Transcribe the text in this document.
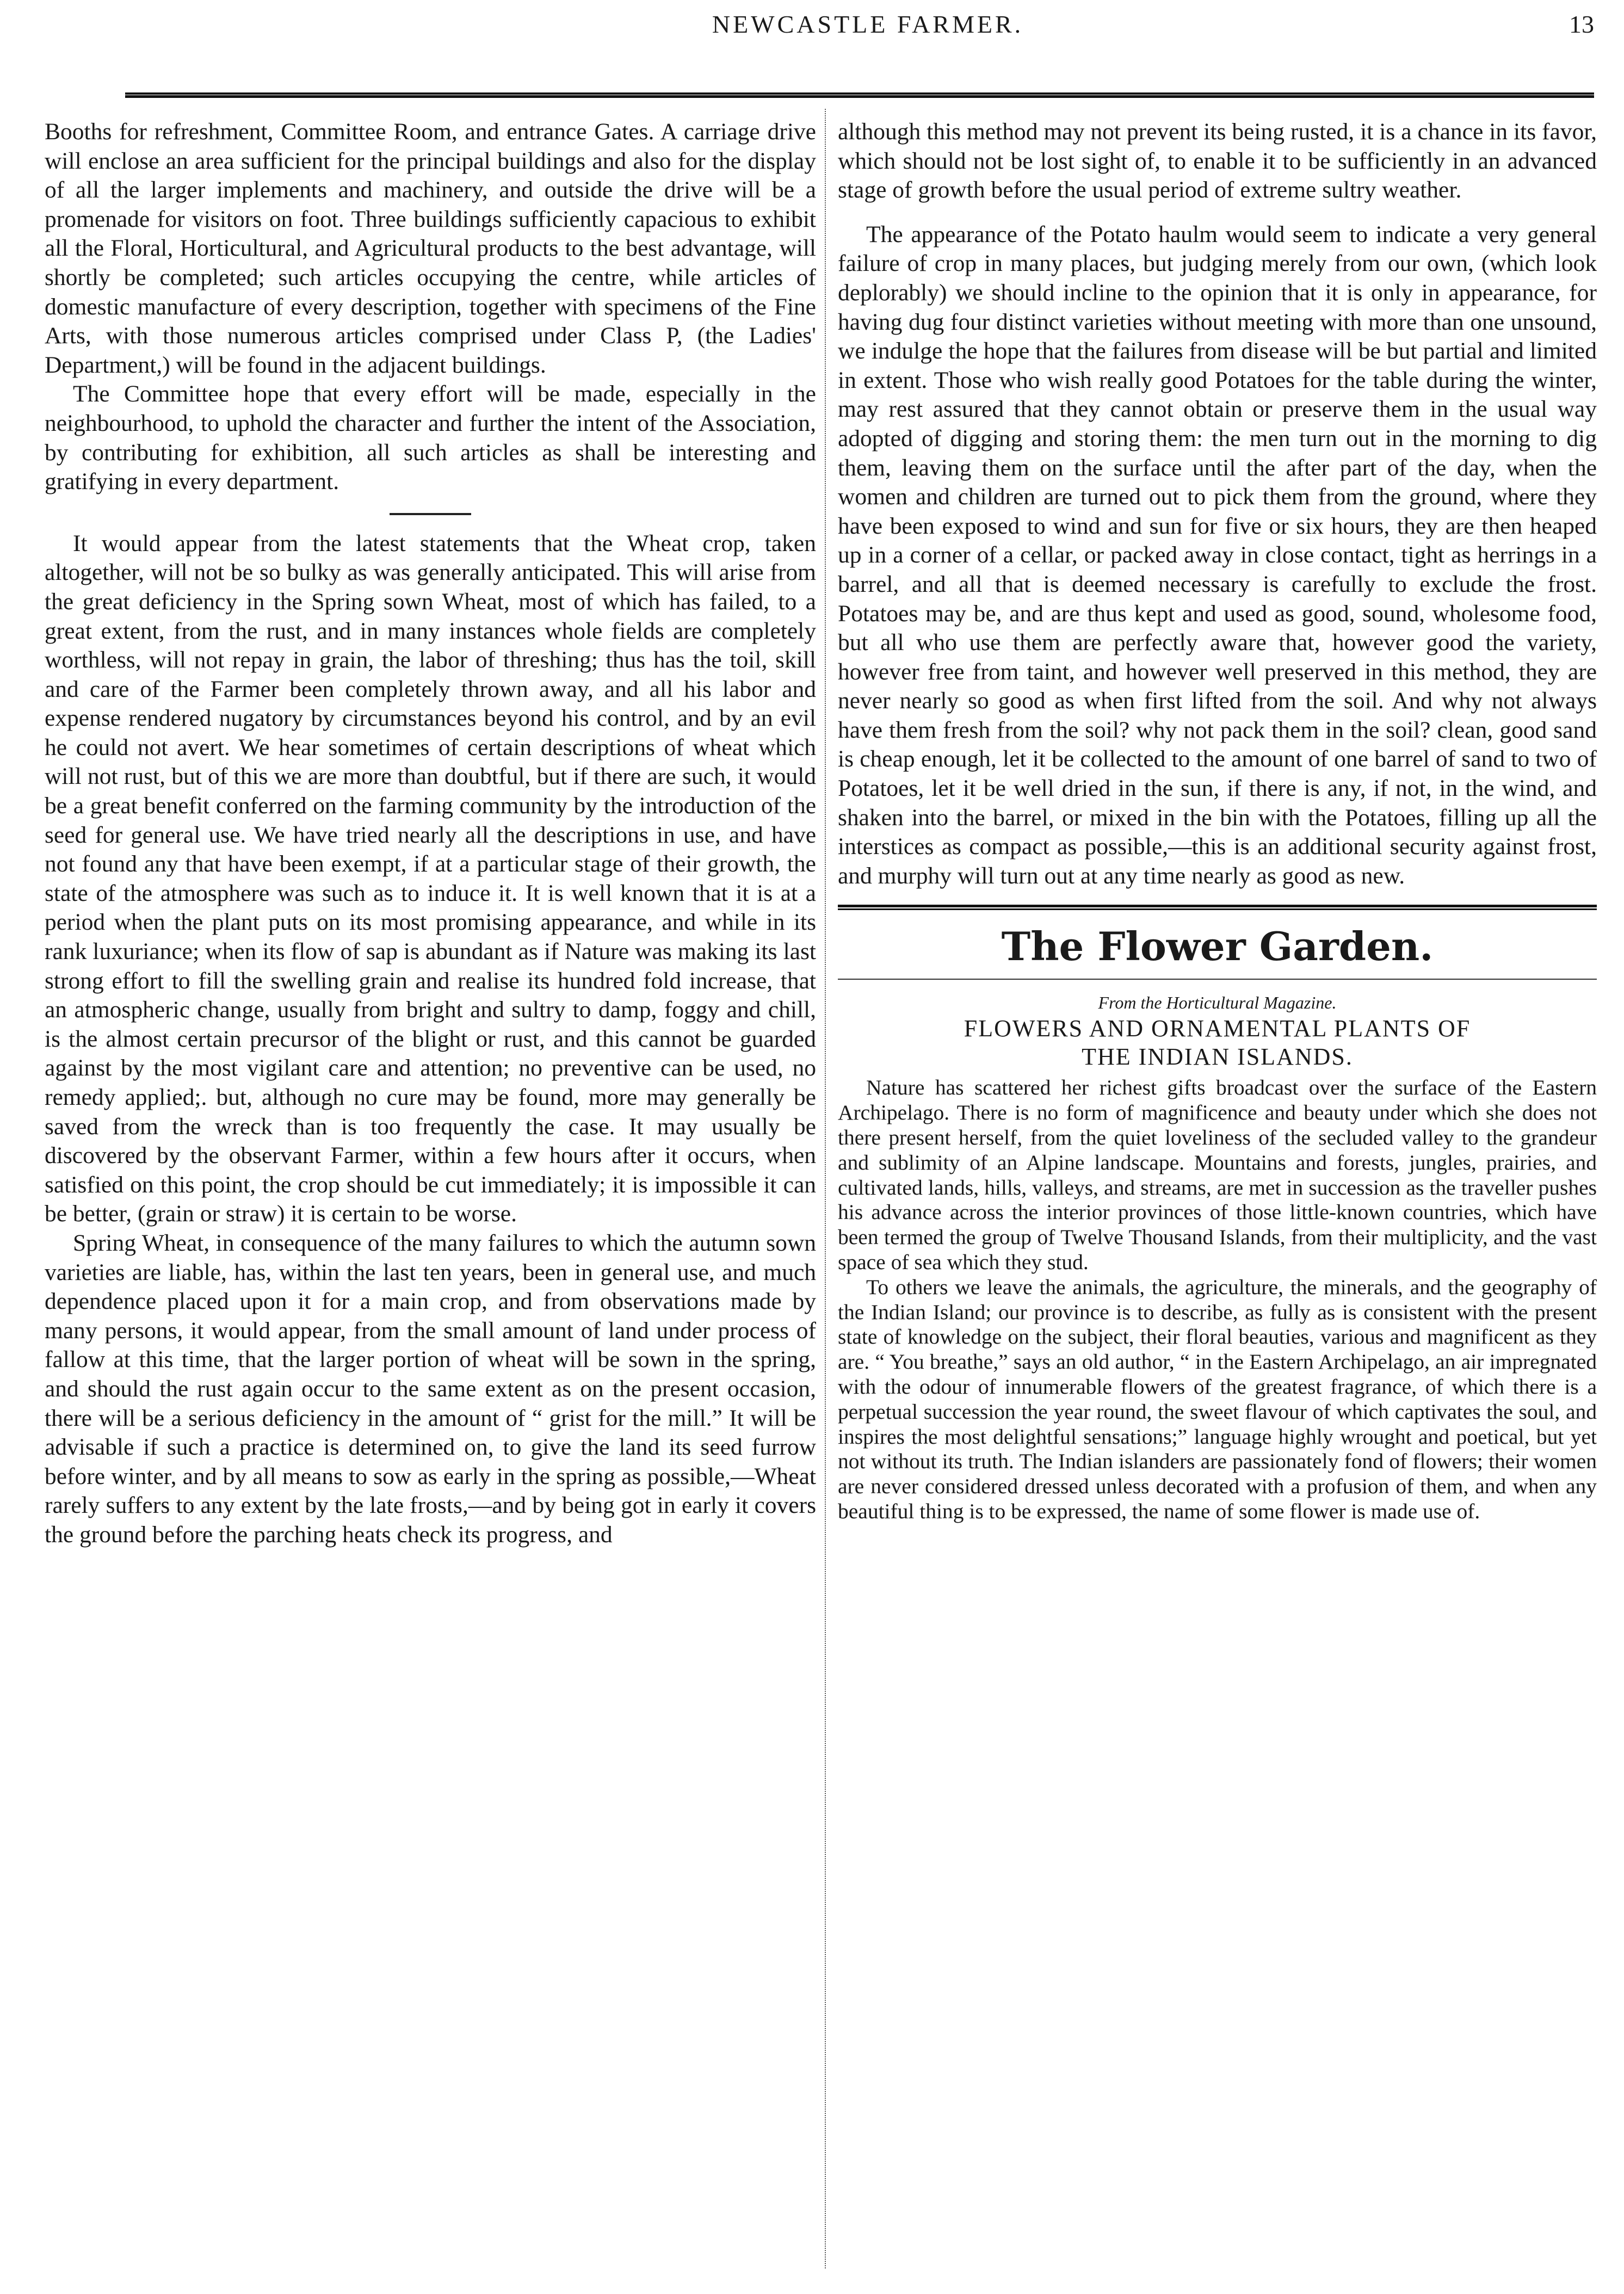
NEWCASTLE FARMER.	13

Booths for refreshment, Committee Room, and entrance Gates. A carriage drive will enclose an area sufficient for the principal buildings and also for the display of all the larger implements and machinery, and outside the drive will be a promenade for visitors on foot. Three buildings sufficiently capacious to exhibit all the Floral, Horticultural, and Agricultural products to the best advantage, will shortly be completed; such articles occupying the centre, while articles of domestic manufacture of every description, together with specimens of the Fine Arts, with those numerous articles comprised under Class P, (the Ladies' Department,) will be found in the adjacent buildings.

The Committee hope that every effort will be made, especially in the neighbourhood, to uphold the character and further the intent of the Association, by contributing for exhibition, all such articles as shall be interesting and gratifying in every department.

It would appear from the latest statements that the Wheat crop, taken altogether, will not be so bulky as was generally anticipated. This will arise from the great deficiency in the Spring sown Wheat, most of which has failed, to a great extent, from the rust, and in many instances whole fields are completely worthless, will not repay in grain, the labor of threshing; thus has the toil, skill and care of the Farmer been completely thrown away, and all his labor and expense rendered nugatory by circumstances beyond his control, and by an evil he could not avert. We hear sometimes of certain descriptions of wheat which will not rust, but of this we are more than doubtful, but if there are such, it would be a great benefit conferred on the farming community by the introduction of the seed for general use. We have tried nearly all the descriptions in use, and have not found any that have been exempt, if at a particular stage of their growth, the state of the atmosphere was such as to induce it. It is well known that it is at a period when the plant puts on its most promising appearance, and while in its rank luxuriance; when its flow of sap is abundant as if Nature was making its last strong effort to fill the swelling grain and realise its hundred fold increase, that an atmospheric change, usually from bright and sultry to damp, foggy and chill, is the almost certain precursor of the blight or rust, and this cannot be guarded against by the most vigilant care and attention; no preventive can be used, no remedy applied;. but, although no cure may be found, more may generally be saved from the wreck than is too frequently the case. It may usually be discovered by the observant Farmer, within a few hours after it occurs, when satisfied on this point, the crop should be cut immediately; it is impossible it can be better, (grain or straw) it is certain to be worse.

Spring Wheat, in consequence of the many failures to which the autumn sown varieties are liable, has, within the last ten years, been in general use, and much dependence placed upon it for a main crop, and from observations made by many persons, it would appear, from the small amount of land under process of fallow at this time, that the larger portion of wheat will be sown in the spring, and should the rust again occur to the same extent as on the present occasion, there will be a serious deficiency in the amount of “ grist for the mill.” It will be advisable if such a practice is determined on, to give the land its seed furrow before winter, and by all means to sow as early in the spring as possible,—Wheat rarely suffers to any extent by the late frosts,—and by being got in early it covers the ground before the parching heats check its progress, and

although this method may not prevent its being rusted, it is a chance in its favor, which should not be lost sight of, to enable it to be sufficiently in an advanced stage of growth before the usual period of extreme sultry weather.

The appearance of the Potato haulm would seem to indicate a very general failure of crop in many places, but judging merely from our own, (which look deplorably) we should incline to the opinion that it is only in appearance, for having dug four distinct varieties without meeting with more than one unsound, we indulge the hope that the failures from disease will be but partial and limited in extent. Those who wish really good Potatoes for the table during the winter, may rest assured that they cannot obtain or preserve them in the usual way adopted of digging and storing them: the men turn out in the morning to dig them, leaving them on the surface until the after part of the day, when the women and children are turned out to pick them from the ground, where they have been exposed to wind and sun for five or six hours, they are then heaped up in a corner of a cellar, or packed away in close contact, tight as herrings in a barrel, and all that is deemed necessary is carefully to exclude the frost. Potatoes may be, and are thus kept and used as good, sound, wholesome food, but all who use them are perfectly aware that, however good the variety, however free from taint, and however well preserved in this method, they are never nearly so good as when first lifted from the soil. And why not always have them fresh from the soil? why not pack them in the soil? clean, good sand is cheap enough, let it be collected to the amount of one barrel of sand to two of Potatoes, let it be well dried in the sun, if there is any, if not, in the wind, and shaken into the barrel, or mixed in the bin with the Potatoes, filling up all the interstices as compact as possible,—this is an additional security against frost, and murphy will turn out at any time nearly as good as new.

The Flower Garden.

From the Horticultural Magazine.

FLOWERS AND ORNAMENTAL PLANTS OF
THE INDIAN ISLANDS.

Nature has scattered her richest gifts broadcast over the surface of the Eastern Archipelago. There is no form of magnificence and beauty under which she does not there present herself, from the quiet loveliness of the secluded valley to the grandeur and sublimity of an Alpine landscape. Mountains and forests, jungles, prairies, and cultivated lands, hills, valleys, and streams, are met in succession as the traveller pushes his advance across the interior provinces of those little-known countries, which have been termed the group of Twelve Thousand Islands, from their multiplicity, and the vast space of sea which they stud.

To others we leave the animals, the agriculture, the minerals, and the geography of the Indian Island; our province is to describe, as fully as is consistent with the present state of knowledge on the subject, their floral beauties, various and magnificent as they are. “ You breathe,” says an old author, “ in the Eastern Archipelago, an air impregnated with the odour of innumerable flowers of the greatest fragrance, of which there is a perpetual succession the year round, the sweet flavour of which captivates the soul, and inspires the most delightful sensations;” language highly wrought and poetical, but yet not without its truth. The Indian islanders are passionately fond of flowers; their women are never considered dressed unless decorated with a profusion of them, and when any beautiful thing is to be expressed, the name of some flower is made use of.
